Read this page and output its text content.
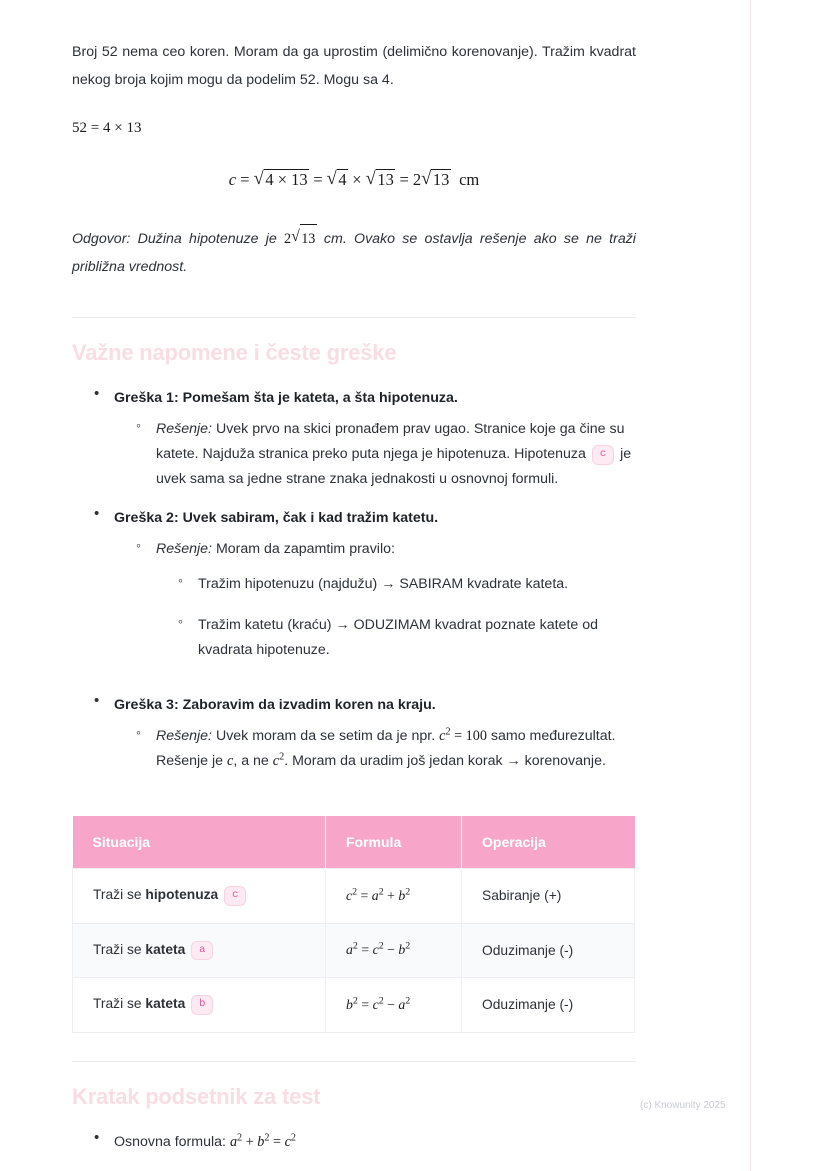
Broj 52 nema ceo koren. Moram da ga uprostim (delimično korenovanje). Tražim kvadrat nekog broja kojim mogu da podelim 52. Mogu sa 4.

52 = 4 × 13

c = √ 4 × 13 = √ 4 × √ 13 = 2 √ 13  cm

Odgovor: Dužina hipotenuze je 2 √ 13 cm. Ovako se ostavlja rešenje ako se ne traži približna vrednost.

Važne napomene i česte greške
• Greška 1: Pomešam šta je kateta, a šta hipotenuza.
◦ Rešenje: Uvek prvo na skici pronađem prav ugao. Stranice koje ga čine su katete. Najduža stranica preko puta njega je hipotenuza. Hipotenuza c je uvek sama sa jedne strane znaka jednakosti u osnovnoj formuli.
• Greška 2: Uvek sabiram, čak i kad tražim katetu.
◦ Rešenje: Moram da zapamtim pravilo:
◦ Tražim hipotenuzu (najdužu) → SABIRAM kvadrate kateta.
◦ Tražim katetu (kraću) → ODUZIMAM kvadrat poznate katete od kvadrata hipotenuze.
• Greška 3: Zaboravim da izvadim koren na kraju.
◦ Rešenje: Uvek moram da se setim da je npr. $c^2 = 100$ samo međurezultat. Rešenje je c, a ne $c^2$. Moram da uradim još jedan korak → korenovanje.
Situacija	Formula	Operacija
Traži se hipotenuza c	$c^2 = a^2 + b^2$	Sabiranje (+)
Traži se kateta a	$a^2 = c^2 - b^2$	Oduzimanje (-)
Traži se kateta b	$b^2 = c^2 - a^2$	Oduzimanje (-)
Kratak podsetnik za test
• Osnovna formula: $a^2 + b^2 = c^2$
(c) Knowunity 2025
